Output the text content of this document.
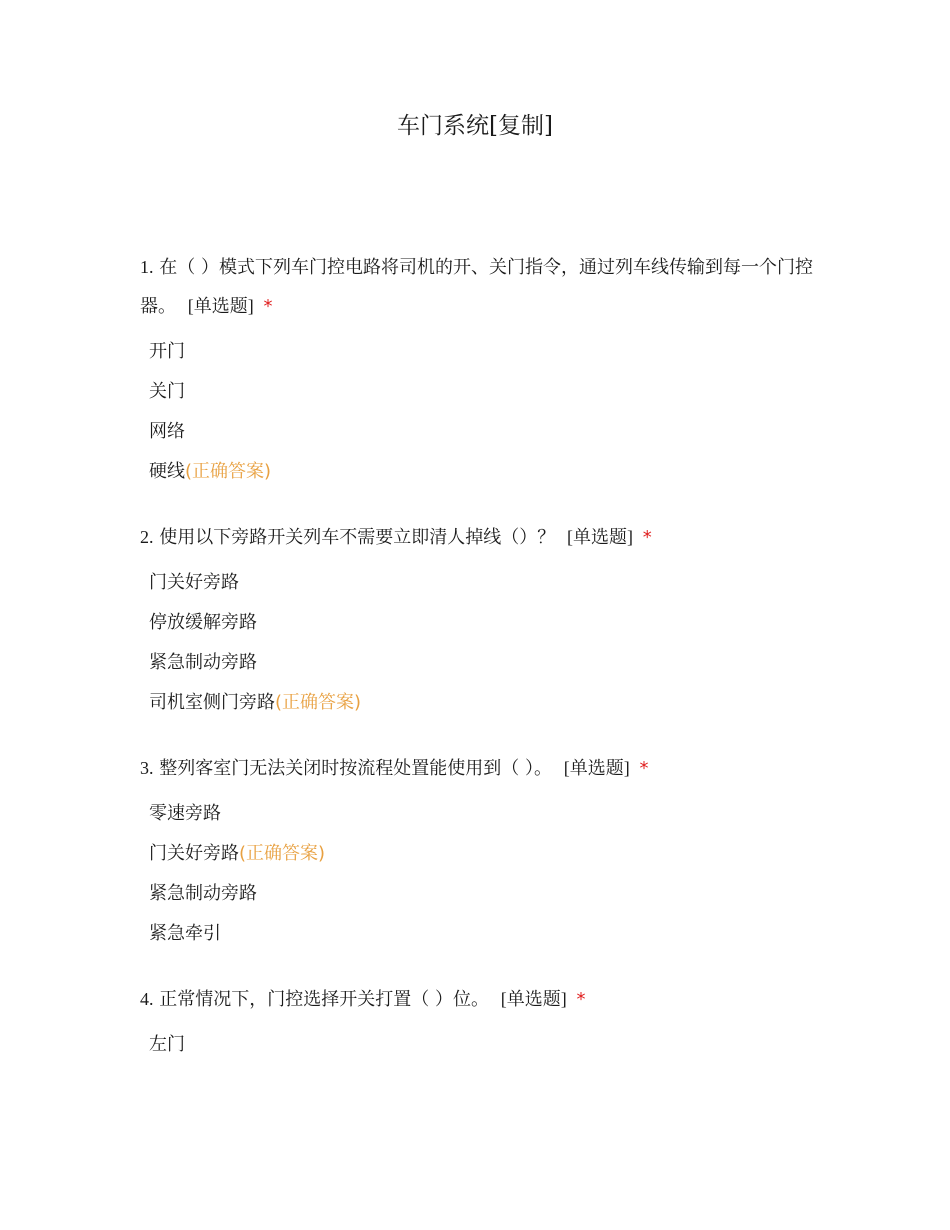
车门系统[复制]
1. 在（ ）模式下列车门控电路将司机的开、关门指令，通过列车线传输到每一个门控器。 [单选题] *
开门
关门
网络
硬线(正确答案)
2. 使用以下旁路开关列车不需要立即清人掉线（）？ [单选题] *
门关好旁路
停放缓解旁路
紧急制动旁路
司机室侧门旁路(正确答案)
3. 整列客室门无法关闭时按流程处置能使用到（ ）。 [单选题] *
零速旁路
门关好旁路(正确答案)
紧急制动旁路
紧急牵引
4. 正常情况下，门控选择开关打置（ ）位。 [单选题] *
左门
